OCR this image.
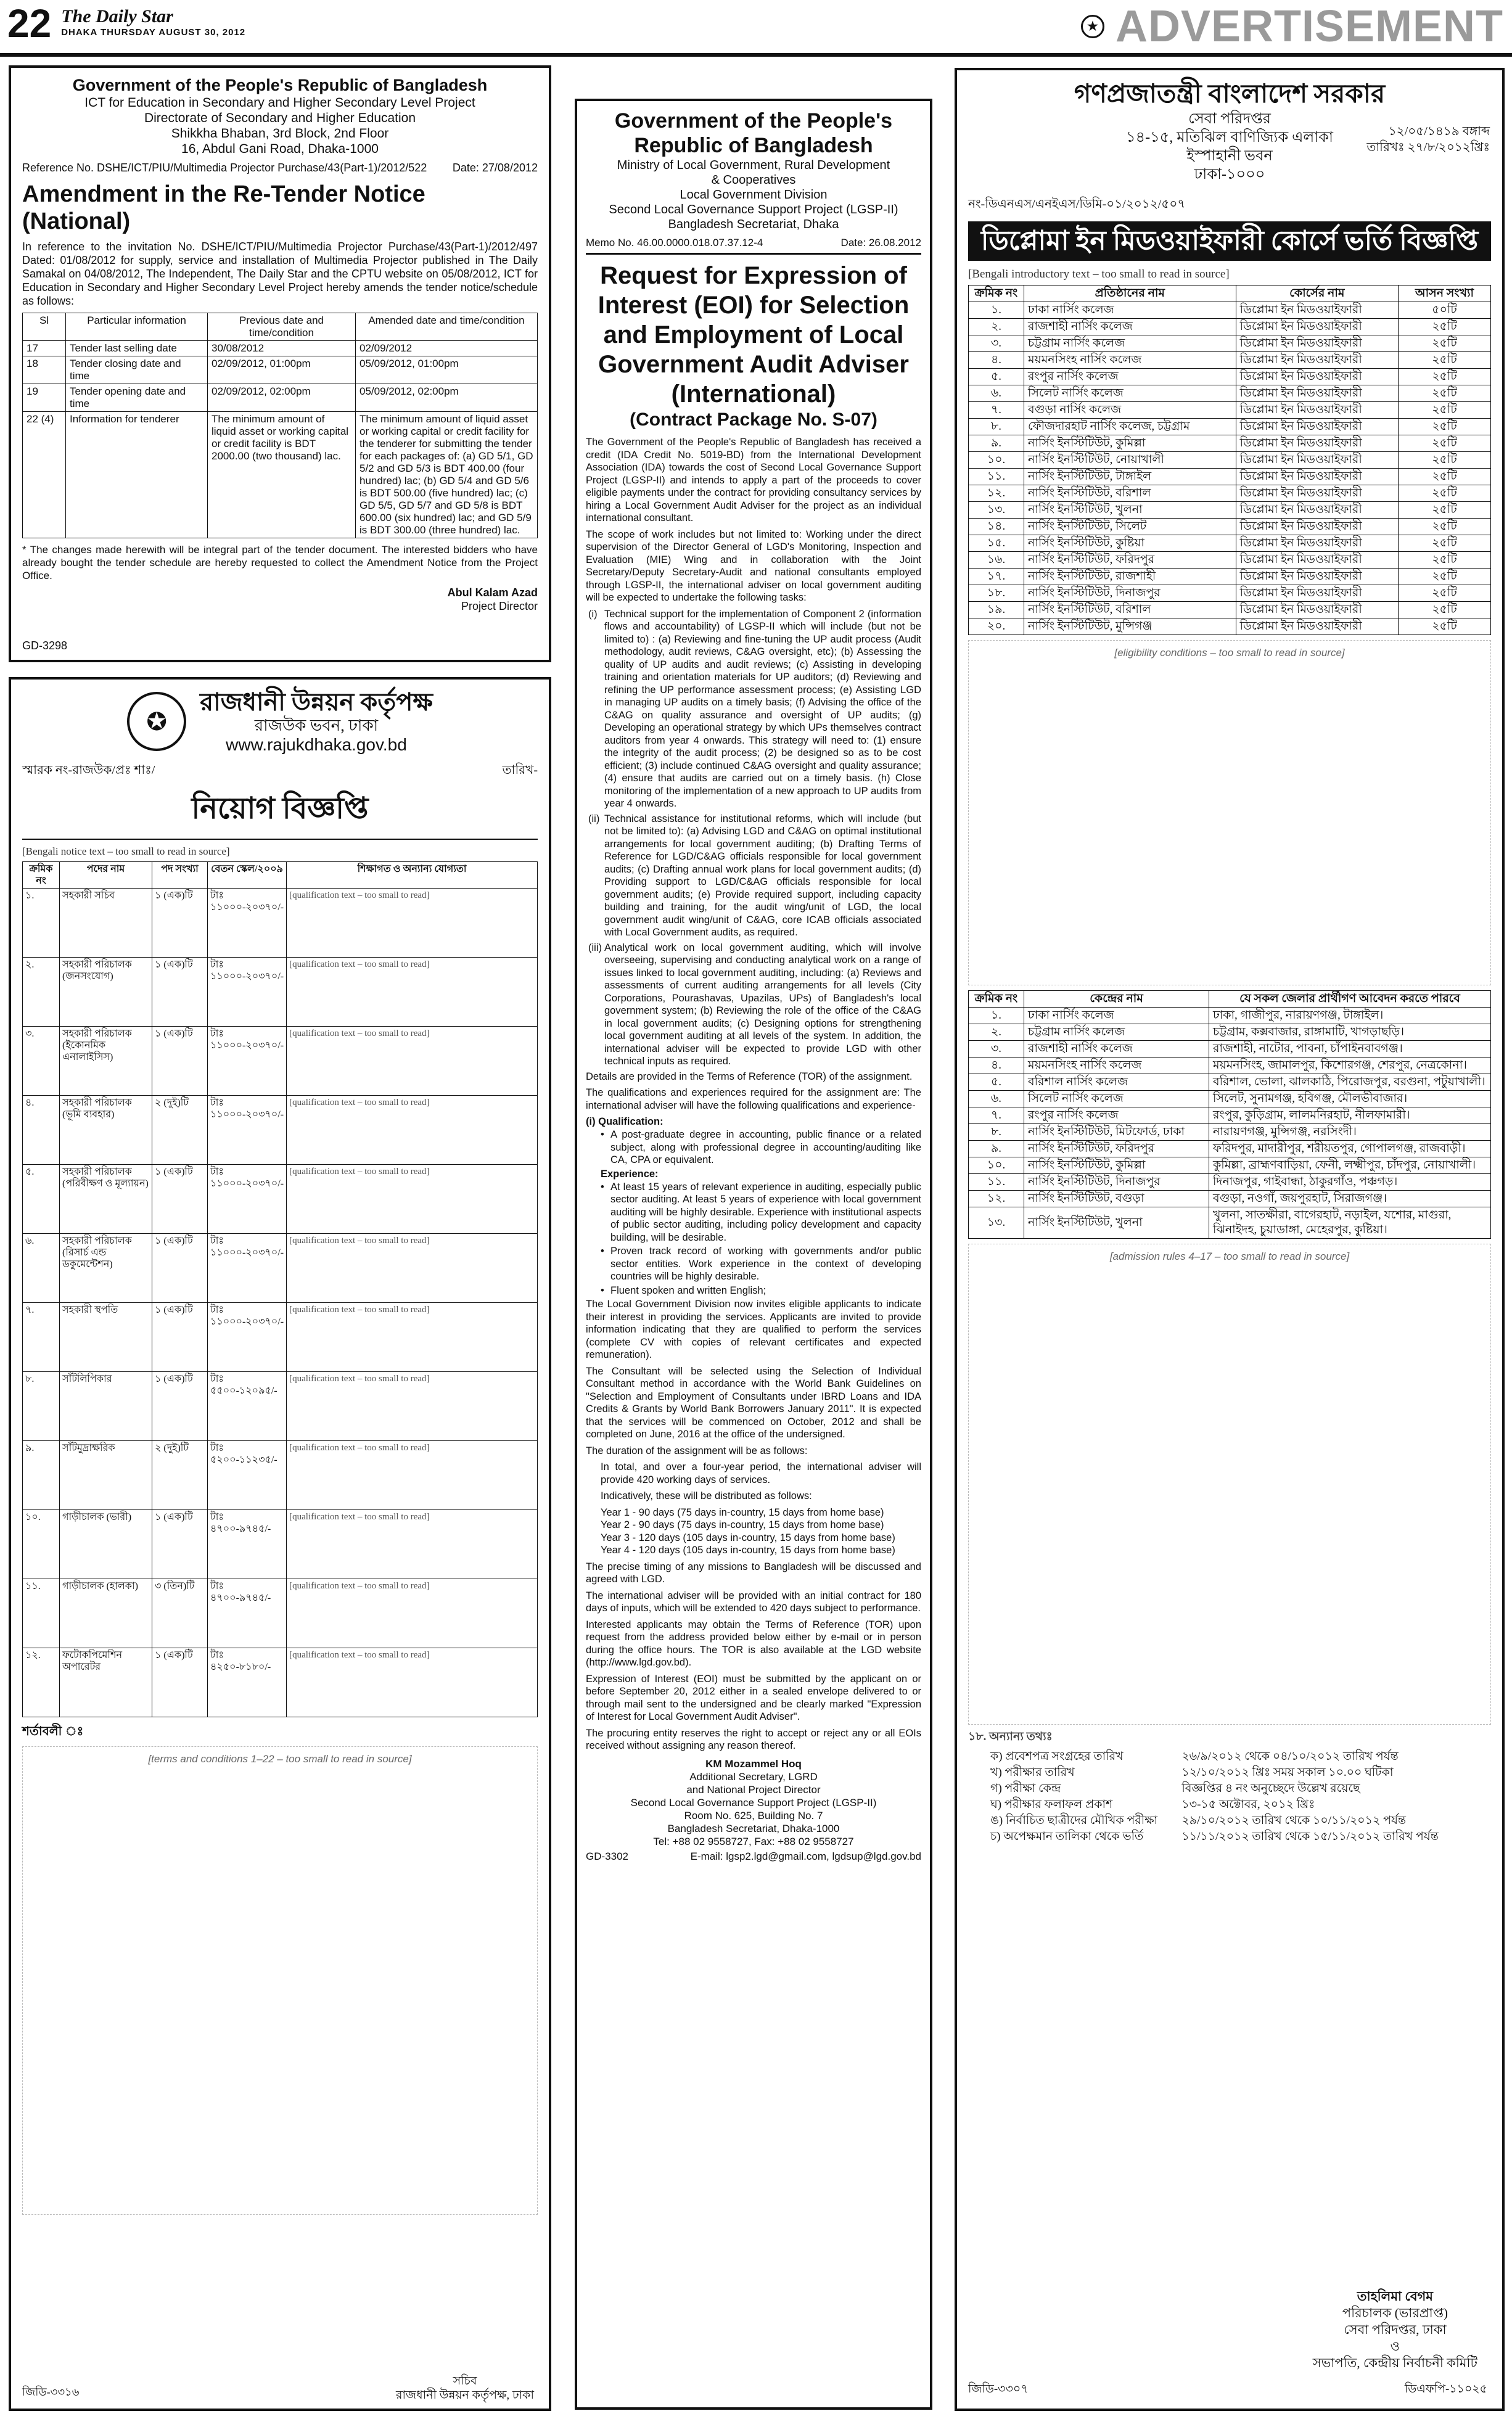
22 The Daily Star
DHAKA THURSDAY AUGUST 30, 2012	★ ADVERTISEMENT
Government of the People's Republic of Bangladesh
ICT for Education in Secondary and Higher Secondary Level Project
Directorate of Secondary and Higher Education
Shikkha Bhaban, 3rd Block, 2nd Floor
16, Abdul Gani Road, Dhaka-1000
Reference No. DSHE/ICT/PIU/Multimedia Projector Purchase/43(Part-1)/2012/522 Date: 27/08/2012
Amendment in the Re-Tender Notice (National)
In reference to the invitation No. DSHE/ICT/PIU/Multimedia Projector Purchase/43(Part-1)/2012/497 Dated: 01/08/2012 for supply, service and installation of Multimedia Projector published in The Daily Samakal on 04/08/2012, The Independent, The Daily Star and the CPTU website on 05/08/2012, ICT for Education in Secondary and Higher Secondary Level Project hereby amends the tender notice/schedule as follows:
Sl	Particular information	Previous date and time/condition	Amended date and time/condition
17	Tender last selling date	30/08/2012	02/09/2012
18	Tender closing date and time	02/09/2012, 01:00pm	05/09/2012, 01:00pm
19	Tender opening date and time	02/09/2012, 02:00pm	05/09/2012, 02:00pm
22 (4)	Information for tenderer	The minimum amount of liquid asset or working capital or credit facility is BDT 2000.00 (two thousand) lac.	The minimum amount of liquid asset or working capital or credit facility for the tenderer for submitting the tender for each packages of: (a) GD 5/1, GD 5/2 and GD 5/3 is BDT 400.00 (four hundred) lac; (b) GD 5/4 and GD 5/6 is BDT 500.00 (five hundred) lac; (c) GD 5/5, GD 5/7 and GD 5/8 is BDT 600.00 (six hundred) lac; and GD 5/9 is BDT 300.00 (three hundred) lac.
* The changes made herewith will be integral part of the tender document. The interested bidders who have already bought the tender schedule are hereby requested to collect the Amendment Notice from the Project Office.
Abul Kalam Azad
Project Director
GD-3298
✪
রাজধানী উন্নয়ন কর্তৃপক্ষ
রাজউক ভবন, ঢাকা
www.rajukdhaka.gov.bd
স্মারক নং-রাজউক/প্রঃ শাঃ/	তারিখ-
নিয়োগ বিজ্ঞপ্তি
[Bengali notice text – too small to read in source]
ক্রমিক নং	পদের নাম	পদ সংখ্যা	বেতন স্কেল/২০০৯	শিক্ষাগত ও অন্যান্য যোগ্যতা
১.	সহকারী সচিব	১ (এক)টি	টাঃ ১১০০০-২০৩৭০/-	[qualification text – too small to read]
২.	সহকারী পরিচালক (জনসংযোগ)	১ (এক)টি	টাঃ ১১০০০-২০৩৭০/-	[qualification text – too small to read]
৩.	সহকারী পরিচালক (ইকোনমিক এনালাইসিস)	১ (এক)টি	টাঃ ১১০০০-২০৩৭০/-	[qualification text – too small to read]
৪.	সহকারী পরিচালক (ভূমি ব্যবহার)	২ (দুই)টি	টাঃ ১১০০০-২০৩৭০/-	[qualification text – too small to read]
৫.	সহকারী পরিচালক (পরিবীক্ষণ ও মূল্যায়ন)	১ (এক)টি	টাঃ ১১০০০-২০৩৭০/-	[qualification text – too small to read]
৬.	সহকারী পরিচালক (রিসার্চ এন্ড ডকুমেন্টেশন)	১ (এক)টি	টাঃ ১১০০০-২০৩৭০/-	[qualification text – too small to read]
৭.	সহকারী স্থপতি	১ (এক)টি	টাঃ ১১০০০-২০৩৭০/-	[qualification text – too small to read]
৮.	সাঁটলিপিকার	১ (এক)টি	টাঃ ৫৫০০-১২০৯৫/-	[qualification text – too small to read]
৯.	সাঁটমুদ্রাক্ষরিক	২ (দুই)টি	টাঃ ৫২০০-১১২৩৫/-	[qualification text – too small to read]
১০.	গাড়ীচালক (ভারী)	১ (এক)টি	টাঃ ৪৭০০-৯৭৪৫/-	[qualification text – too small to read]
১১.	গাড়ীচালক (হালকা)	৩ (তিন)টি	টাঃ ৪৭০০-৯৭৪৫/-	[qualification text – too small to read]
১২.	ফটোকপিমেশিন অপারেটর	১ (এক)টি	টাঃ ৪২৫০-৮১৮০/-	[qualification text – too small to read]
শর্তাবলী ঃ
[terms and conditions 1–22 – too small to read in source]
জিডি-৩৩১৬
সচিব
রাজধানী উন্নয়ন কর্তৃপক্ষ, ঢাকা
Government of the People's Republic of Bangladesh
Ministry of Local Government, Rural Development
& Cooperatives
Local Government Division
Second Local Governance Support Project (LGSP-II)
Bangladesh Secretariat, Dhaka
Memo No. 46.00.0000.018.07.37.12-4	Date: 26.08.2012
Request for Expression of Interest (EOI) for Selection and Employment of Local Government Audit Adviser (International)
(Contract Package No. S-07)
The Government of the People's Republic of Bangladesh has received a credit (IDA Credit No. 5019-BD) from the International Development Association (IDA) towards the cost of Second Local Governance Support Project (LGSP-II) and intends to apply a part of the proceeds to cover eligible payments under the contract for providing consultancy services by hiring a Local Government Audit Adviser for the project as an individual international consultant.
The scope of work includes but not limited to: Working under the direct supervision of the Director General of LGD's Monitoring, Inspection and Evaluation (MIE) Wing and in collaboration with the Joint Secretary/Deputy Secretary-Audit and national consultants employed through LGSP-II, the international adviser on local government auditing will be expected to undertake the following tasks:
(i) Technical support for the implementation of Component 2 (information flows and accountability) of LGSP-II which will include (but not be limited to) : (a) Reviewing and fine-tuning the UP audit process (Audit methodology, audit reviews, C&AG oversight, etc); (b) Assessing the quality of UP audits and audit reviews; (c) Assisting in developing training and orientation materials for UP auditors; (d) Reviewing and refining the UP performance assessment process; (e) Assisting LGD in managing UP audits on a timely basis; (f) Advising the office of the C&AG on quality assurance and oversight of UP audits; (g) Developing an operational strategy by which UPs themselves contract auditors from year 4 onwards. This strategy will need to: (1) ensure the integrity of the audit process; (2) be designed so as to be cost efficient; (3) include continued C&AG oversight and quality assurance; (4) ensure that audits are carried out on a timely basis. (h) Close monitoring of the implementation of a new approach to UP audits from year 4 onwards.
(ii) Technical assistance for institutional reforms, which will include (but not be limited to): (a) Advising LGD and C&AG on optimal institutional arrangements for local government auditing; (b) Drafting Terms of Reference for LGD/C&AG officials responsible for local government audits; (c) Drafting annual work plans for local government audits; (d) Providing support to LGD/C&AG officials responsible for local government audits; (e) Provide required support, including capacity building and training, for the audit wing/unit of LGD, the local government audit wing/unit of C&AG, core ICAB officials associated with Local Government audits, as required.
(iii) Analytical work on local government auditing, which will involve overseeing, supervising and conducting analytical work on a range of issues linked to local government auditing, including: (a) Reviews and assessments of current auditing arrangements for all levels (City Corporations, Pourashavas, Upazilas, UPs) of Bangladesh's local government system; (b) Reviewing the role of the office of the C&AG in local government audits; (c) Designing options for strengthening local government auditing at all levels of the system. In addition, the international adviser will be expected to provide LGD with other technical inputs as required.
Details are provided in the Terms of Reference (TOR) of the assignment.
The qualifications and experiences required for the assignment are: The international adviser will have the following qualifications and experience-
(i) Qualification:
• A post-graduate degree in accounting, public finance or a related subject, along with professional degree in accounting/auditing like CA, CPA or equivalent.
Experience:
• At least 15 years of relevant experience in auditing, especially public sector auditing. At least 5 years of experience with local government auditing will be highly desirable. Experience with institutional aspects of public sector auditing, including policy development and capacity building, will be desirable.
• Proven track record of working with governments and/or public sector entities. Work experience in the context of developing countries will be highly desirable.
• Fluent spoken and written English;
The Local Government Division now invites eligible applicants to indicate their interest in providing the services. Applicants are invited to provide information indicating that they are qualified to perform the services (complete CV with copies of relevant certificates and expected remuneration).
The Consultant will be selected using the Selection of Individual Consultant method in accordance with the World Bank Guidelines on "Selection and Employment of Consultants under IBRD Loans and IDA Credits & Grants by World Bank Borrowers January 2011". It is expected that the services will be commenced on October, 2012 and shall be completed on June, 2016 at the office of the undersigned.
The duration of the assignment will be as follows:
In total, and over a four-year period, the international adviser will provide 420 working days of services.
Indicatively, these will be distributed as follows:
Year 1 - 90 days (75 days in-country, 15 days from home base)
Year 2 - 90 days (75 days in-country, 15 days from home base)
Year 3 - 120 days (105 days in-country, 15 days from home base)
Year 4 - 120 days (105 days in-country, 15 days from home base)
The precise timing of any missions to Bangladesh will be discussed and agreed with LGD.
The international adviser will be provided with an initial contract for 180 days of inputs, which will be extended to 420 days subject to performance.
Interested applicants may obtain the Terms of Reference (TOR) upon request from the address provided below either by e-mail or in person during the office hours. The TOR is also available at the LGD website (http://www.lgd.gov.bd).
Expression of Interest (EOI) must be submitted by the applicant on or before September 20, 2012 either in a sealed envelope delivered to or through mail sent to the undersigned and be clearly marked "Expression of Interest for Local Government Audit Adviser".
The procuring entity reserves the right to accept or reject any or all EOIs received without assigning any reason thereof.
KM Mozammel Hoq
Additional Secretary, LGRD
and National Project Director
Second Local Governance Support Project (LGSP-II)
Room No. 625, Building No. 7
Bangladesh Secretariat, Dhaka-1000
Tel: +88 02 9558727, Fax: +88 02 9558727
GD-3302	E-mail: lgsp2.lgd@gmail.com, lgdsup@lgd.gov.bd
গণপ্রজাতন্ত্রী বাংলাদেশ সরকার
সেবা পরিদপ্তর
১৪-১৫, মতিঝিল বাণিজ্যিক এলাকা
ইস্পাহানী ভবন
ঢাকা-১০০০
১২/০৫/১৪১৯ বঙ্গাব্দ
তারিখঃ ২৭/৮/২০১২খ্রিঃ
নং-ডিএনএস/এনইএস/ডিমি-০১/২০১২/৫০৭
ডিপ্লোমা ইন মিডওয়াইফারী কোর্সে ভর্তি বিজ্ঞপ্তি
[Bengali introductory text – too small to read in source]
ক্রমিক নং	প্রতিষ্ঠানের নাম	কোর্সের নাম	আসন সংখ্যা
১.	ঢাকা নার্সিং কলেজ	ডিপ্লোমা ইন মিডওয়াইফারী	৫০টি
২.	রাজশাহী নার্সিং কলেজ	ডিপ্লোমা ইন মিডওয়াইফারী	২৫টি
৩.	চট্টগ্রাম নার্সিং কলেজ	ডিপ্লোমা ইন মিডওয়াইফারী	২৫টি
৪.	ময়মনসিংহ নার্সিং কলেজ	ডিপ্লোমা ইন মিডওয়াইফারী	২৫টি
৫.	রংপুর নার্সিং কলেজ	ডিপ্লোমা ইন মিডওয়াইফারী	২৫টি
৬.	সিলেট নার্সিং কলেজ	ডিপ্লোমা ইন মিডওয়াইফারী	২৫টি
৭.	বগুড়া নার্সিং কলেজ	ডিপ্লোমা ইন মিডওয়াইফারী	২৫টি
৮.	ফৌজদারহাট নার্সিং কলেজ, চট্টগ্রাম	ডিপ্লোমা ইন মিডওয়াইফারী	২৫টি
৯.	নার্সিং ইনস্টিটিউট, কুমিল্লা	ডিপ্লোমা ইন মিডওয়াইফারী	২৫টি
১০.	নার্সিং ইনস্টিটিউট, নোয়াখালী	ডিপ্লোমা ইন মিডওয়াইফারী	২৫টি
১১.	নার্সিং ইনস্টিটিউট, টাঙ্গাইল	ডিপ্লোমা ইন মিডওয়াইফারী	২৫টি
১২.	নার্সিং ইনস্টিটিউট, বরিশাল	ডিপ্লোমা ইন মিডওয়াইফারী	২৫টি
১৩.	নার্সিং ইনস্টিটিউট, খুলনা	ডিপ্লোমা ইন মিডওয়াইফারী	২৫টি
১৪.	নার্সিং ইনস্টিটিউট, সিলেট	ডিপ্লোমা ইন মিডওয়াইফারী	২৫টি
১৫.	নার্সিং ইনস্টিটিউট, কুষ্টিয়া	ডিপ্লোমা ইন মিডওয়াইফারী	২৫টি
১৬.	নার্সিং ইনস্টিটিউট, ফরিদপুর	ডিপ্লোমা ইন মিডওয়াইফারী	২৫টি
১৭.	নার্সিং ইনস্টিটিউট, রাজশাহী	ডিপ্লোমা ইন মিডওয়াইফারী	২৫টি
১৮.	নার্সিং ইনস্টিটিউট, দিনাজপুর	ডিপ্লোমা ইন মিডওয়াইফারী	২৫টি
১৯.	নার্সিং ইনস্টিটিউট, বরিশাল	ডিপ্লোমা ইন মিডওয়াইফারী	২৫টি
২০.	নার্সিং ইনস্টিটিউট, মুন্সিগঞ্জ	ডিপ্লোমা ইন মিডওয়াইফারী	২৫টি
[eligibility conditions – too small to read in source]
ক্রমিক নং	কেন্দ্রের নাম	যে সকল জেলার প্রার্থীগণ আবেদন করতে পারবে
১.	ঢাকা নার্সিং কলেজ	ঢাকা, গাজীপুর, নারায়ণগঞ্জ, টাঙ্গাইল।
২.	চট্টগ্রাম নার্সিং কলেজ	চট্টগ্রাম, কক্সবাজার, রাঙ্গামাটি, খাগড়াছড়ি।
৩.	রাজশাহী নার্সিং কলেজ	রাজশাহী, নাটোর, পাবনা, চাঁপাইনবাবগঞ্জ।
৪.	ময়মনসিংহ নার্সিং কলেজ	ময়মনসিংহ, জামালপুর, কিশোরগঞ্জ, শেরপুর, নেত্রকোনা।
৫.	বরিশাল নার্সিং কলেজ	বরিশাল, ভোলা, ঝালকাঠি, পিরোজপুর, বরগুনা, পটুয়াখালী।
৬.	সিলেট নার্সিং কলেজ	সিলেট, সুনামগঞ্জ, হবিগঞ্জ, মৌলভীবাজার।
৭.	রংপুর নার্সিং কলেজ	রংপুর, কুড়িগ্রাম, লালমনিরহাট, নীলফামারী।
৮.	নার্সিং ইনস্টিটিউট, মিটফোর্ড, ঢাকা	নারায়ণগঞ্জ, মুন্সিগঞ্জ, নরসিংদী।
৯.	নার্সিং ইনস্টিটিউট, ফরিদপুর	ফরিদপুর, মাদারীপুর, শরীয়তপুর, গোপালগঞ্জ, রাজবাড়ী।
১০.	নার্সিং ইনস্টিটিউট, কুমিল্লা	কুমিল্লা, ব্রাহ্মণবাড়িয়া, ফেনী, লক্ষ্মীপুর, চাঁদপুর, নোয়াখালী।
১১.	নার্সিং ইনস্টিটিউট, দিনাজপুর	দিনাজপুর, গাইবান্ধা, ঠাকুরগাঁও, পঞ্চগড়।
১২.	নার্সিং ইনস্টিটিউট, বগুড়া	বগুড়া, নওগাঁ, জয়পুরহাট, সিরাজগঞ্জ।
১৩.	নার্সিং ইনস্টিটিউট, খুলনা	খুলনা, সাতক্ষীরা, বাগেরহাট, নড়াইল, যশোর, মাগুরা, ঝিনাইদহ, চুয়াডাঙ্গা, মেহেরপুর, কুষ্টিয়া।
[admission rules 4–17 – too small to read in source]
১৮. অন্যান্য তথ্যঃ
ক) প্রবেশপত্র সংগ্রহের তারিখ	২৬/৯/২০১২ থেকে ০৪/১০/২০১২ তারিখ পর্যন্ত
খ) পরীক্ষার তারিখ	১২/১০/২০১২ খ্রিঃ সময় সকাল ১০.০০ ঘটিকা
গ) পরীক্ষা কেন্দ্র	বিজ্ঞপ্তির ৪ নং অনুচ্ছেদে উল্লেখ রয়েছে
ঘ) পরীক্ষার ফলাফল প্রকাশ	১৩-১৫ অক্টোবর, ২০১২ খ্রিঃ
ঙ) নির্বাচিত ছাত্রীদের মৌখিক পরীক্ষা	২৯/১০/২০১২ তারিখ থেকে ১০/১১/২০১২ পর্যন্ত
চ) অপেক্ষমান তালিকা থেকে ভর্তি	১১/১১/২০১২ তারিখ থেকে ১৫/১১/২০১২ তারিখ পর্যন্ত
তাহলিমা বেগম
পরিচালক (ভারপ্রাপ্ত)
সেবা পরিদপ্তর, ঢাকা
ও
সভাপতি, কেন্দ্রীয় নির্বাচনী কমিটি
জিডি-৩৩০৭	ডিএফপি-১১০২৫
